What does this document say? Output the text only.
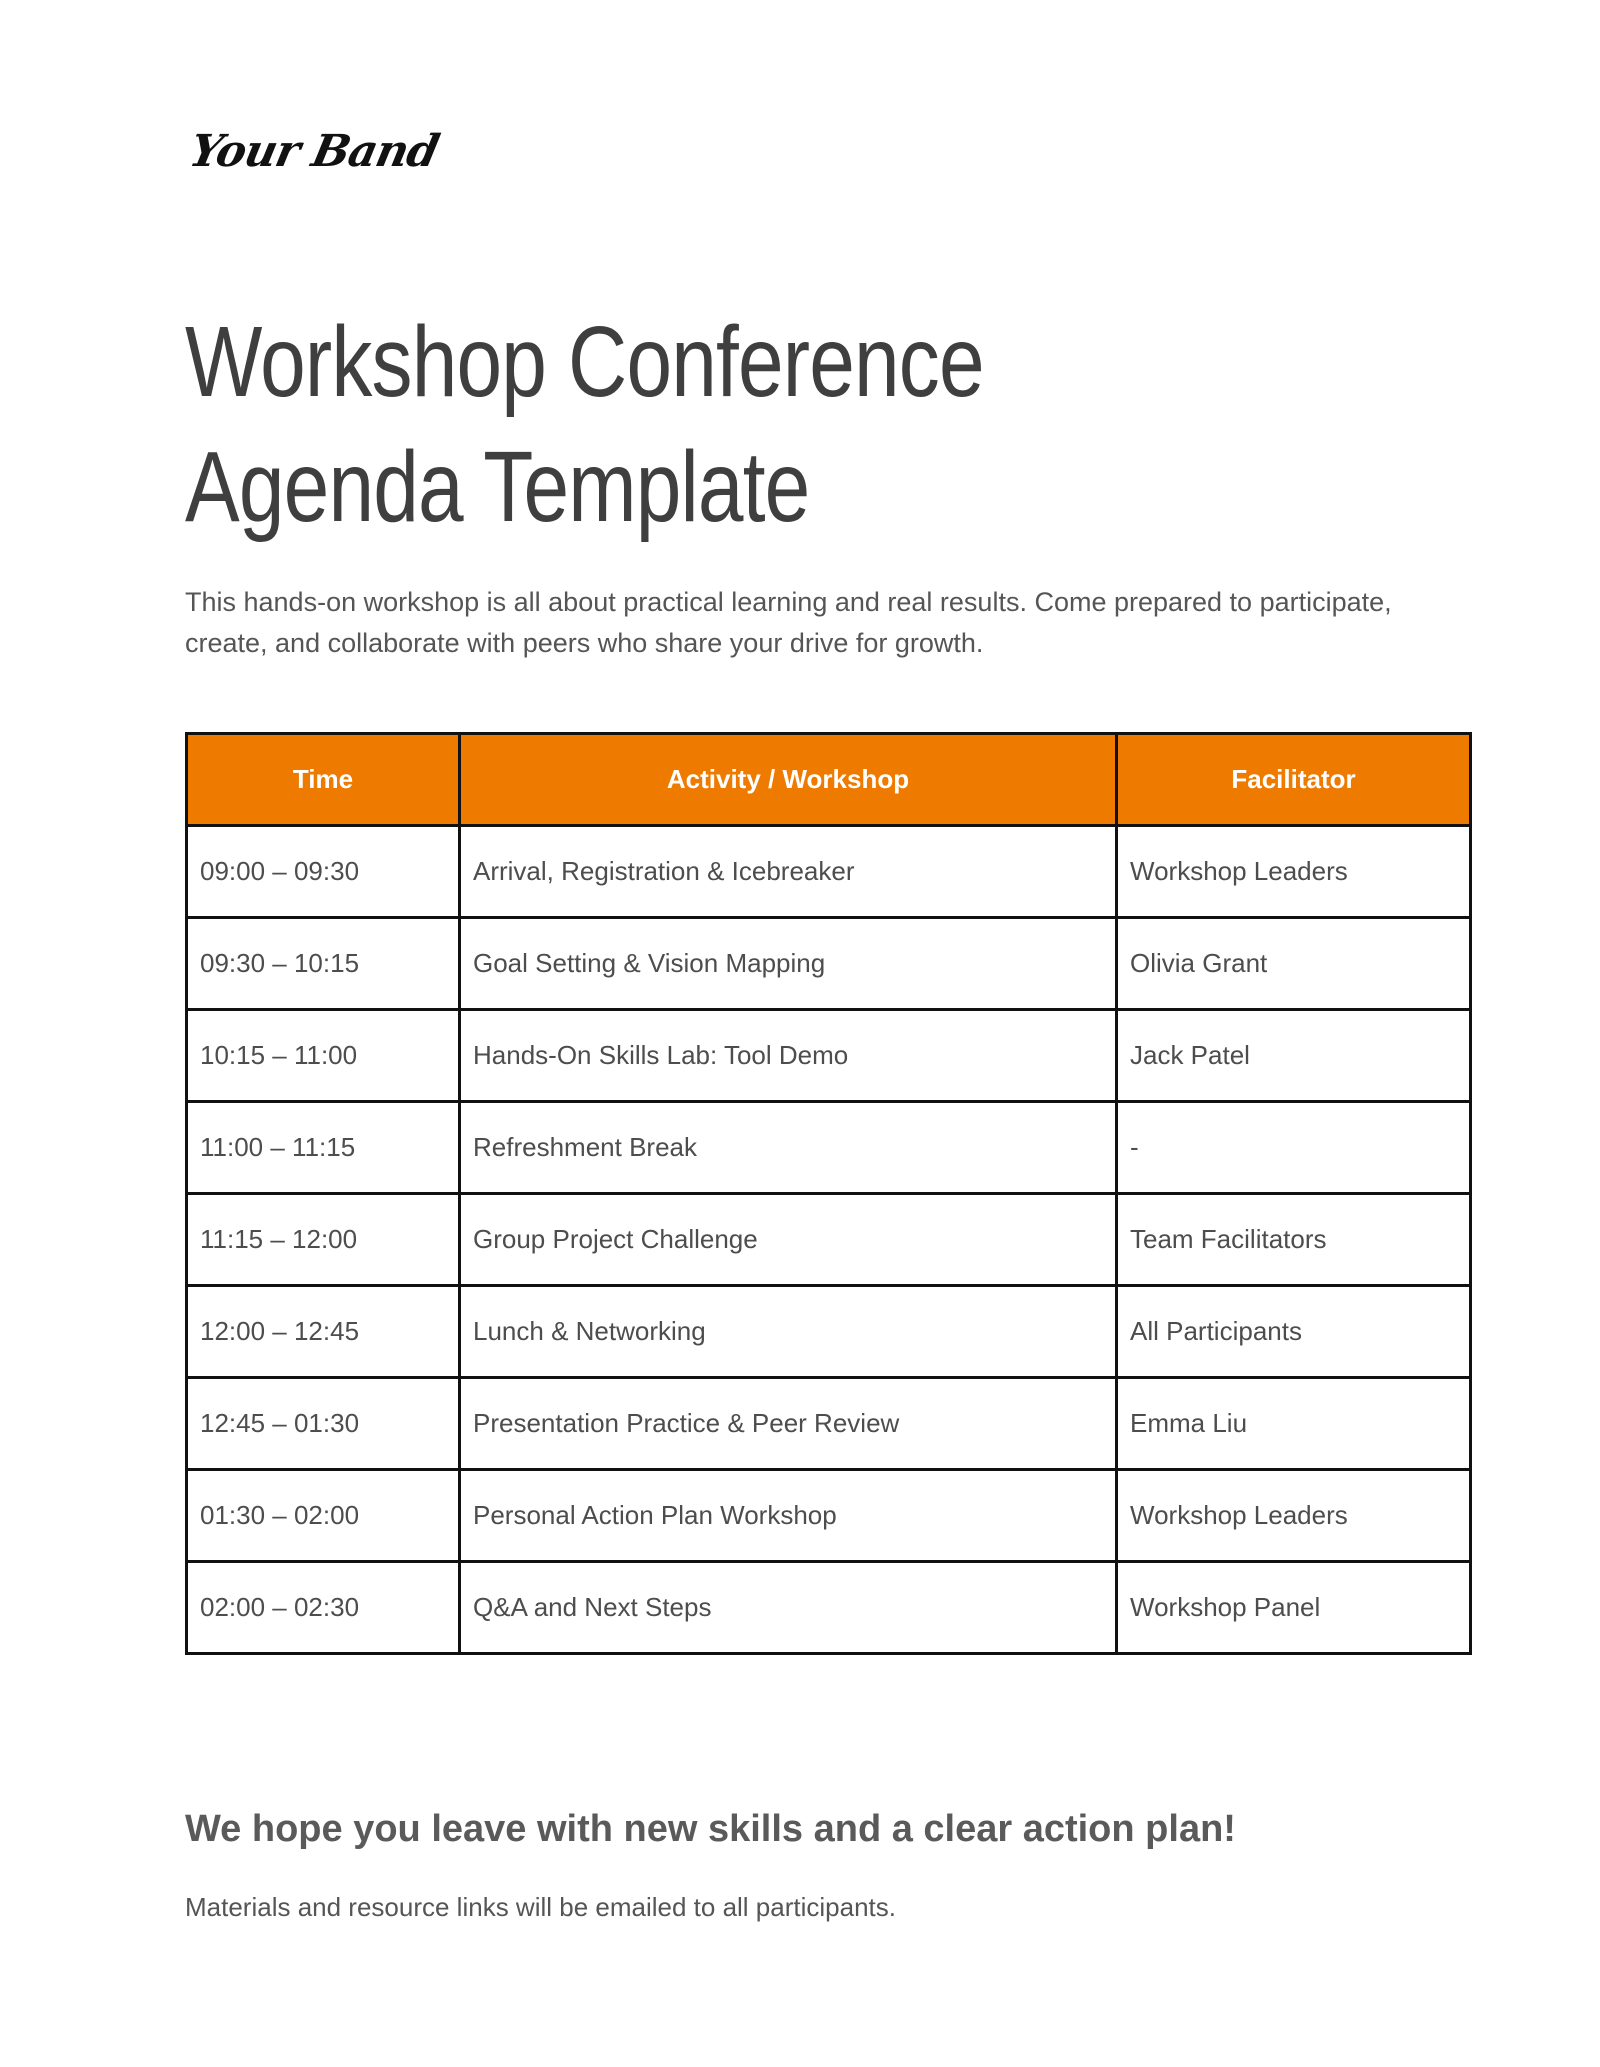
Your Band
Workshop Conference Agenda Template

This hands-on workshop is all about practical learning and real results. Come prepared to participate, create, and collaborate with peers who share your drive for growth.

Time	Activity / Workshop	Facilitator
09:00 – 09:30	Arrival, Registration & Icebreaker	Workshop Leaders
09:30 – 10:15	Goal Setting & Vision Mapping	Olivia Grant
10:15 – 11:00	Hands-On Skills Lab: Tool Demo	Jack Patel
11:00 – 11:15	Refreshment Break	-
11:15 – 12:00	Group Project Challenge	Team Facilitators
12:00 – 12:45	Lunch & Networking	All Participants
12:45 – 01:30	Presentation Practice & Peer Review	Emma Liu
01:30 – 02:00	Personal Action Plan Workshop	Workshop Leaders
02:00 – 02:30	Q&A and Next Steps	Workshop Panel
We hope you leave with new skills and a clear action plan!

Materials and resource links will be emailed to all participants.
